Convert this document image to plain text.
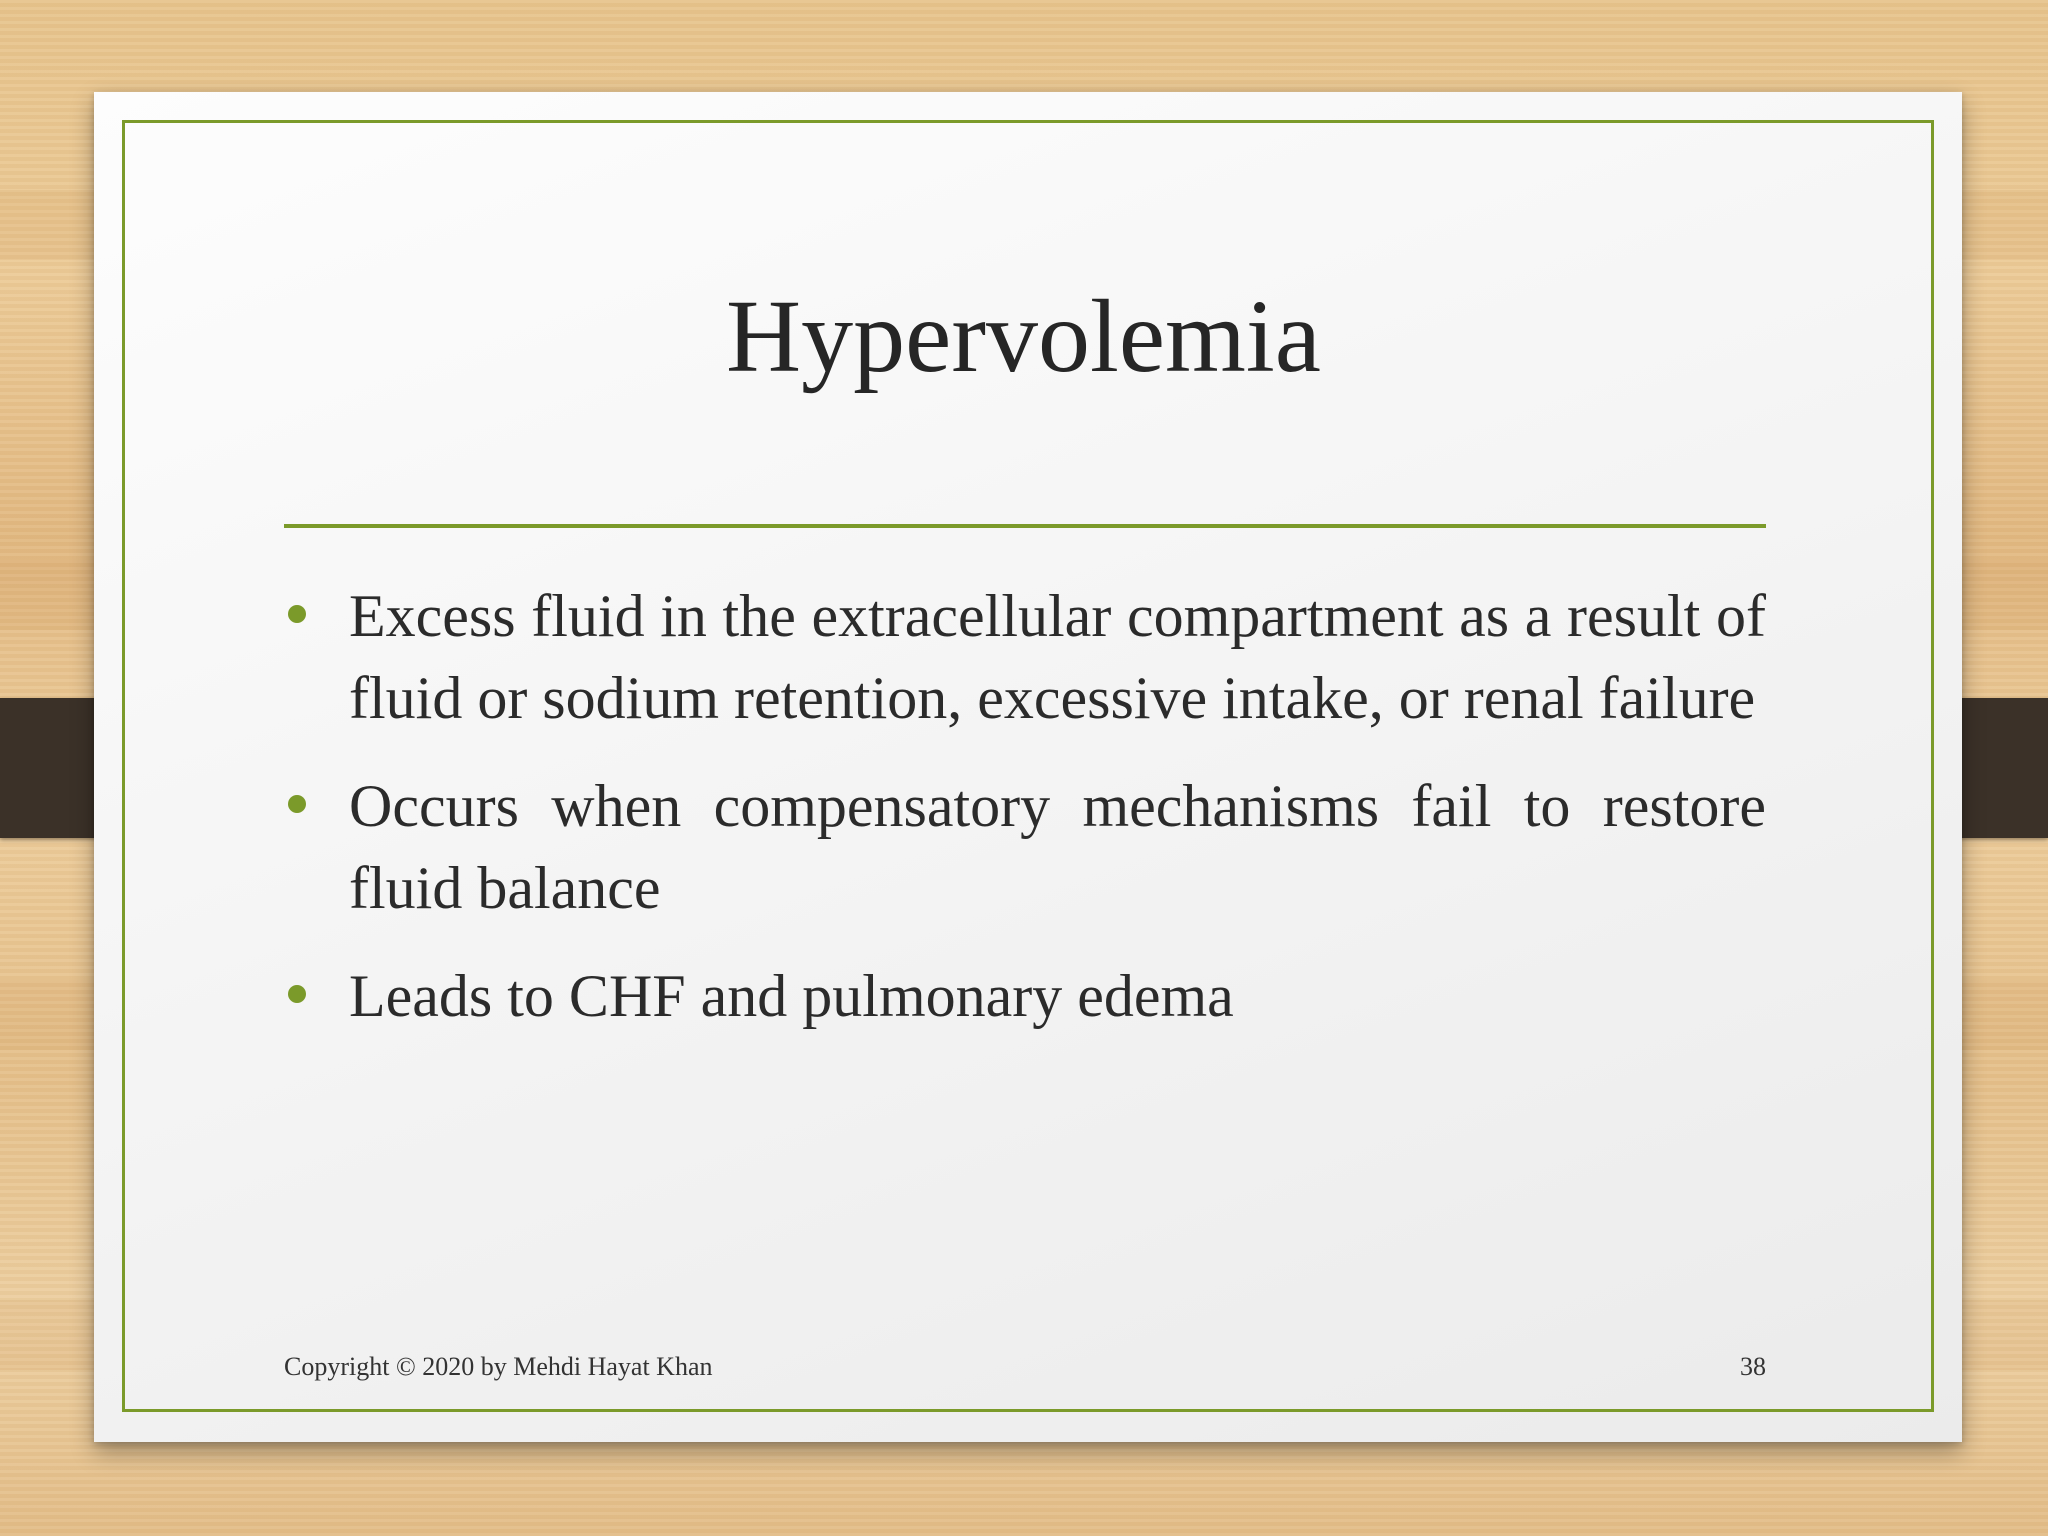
Hypervolemia
Excess fluid in the extracellular compartment as a result of fluid or sodium retention, excessive intake, or renal failure
Occurs when compensatory mechanisms fail to restore fluid balance
Leads to CHF and pulmonary edema
Copyright © 2020 by Mehdi Hayat Khan	38
